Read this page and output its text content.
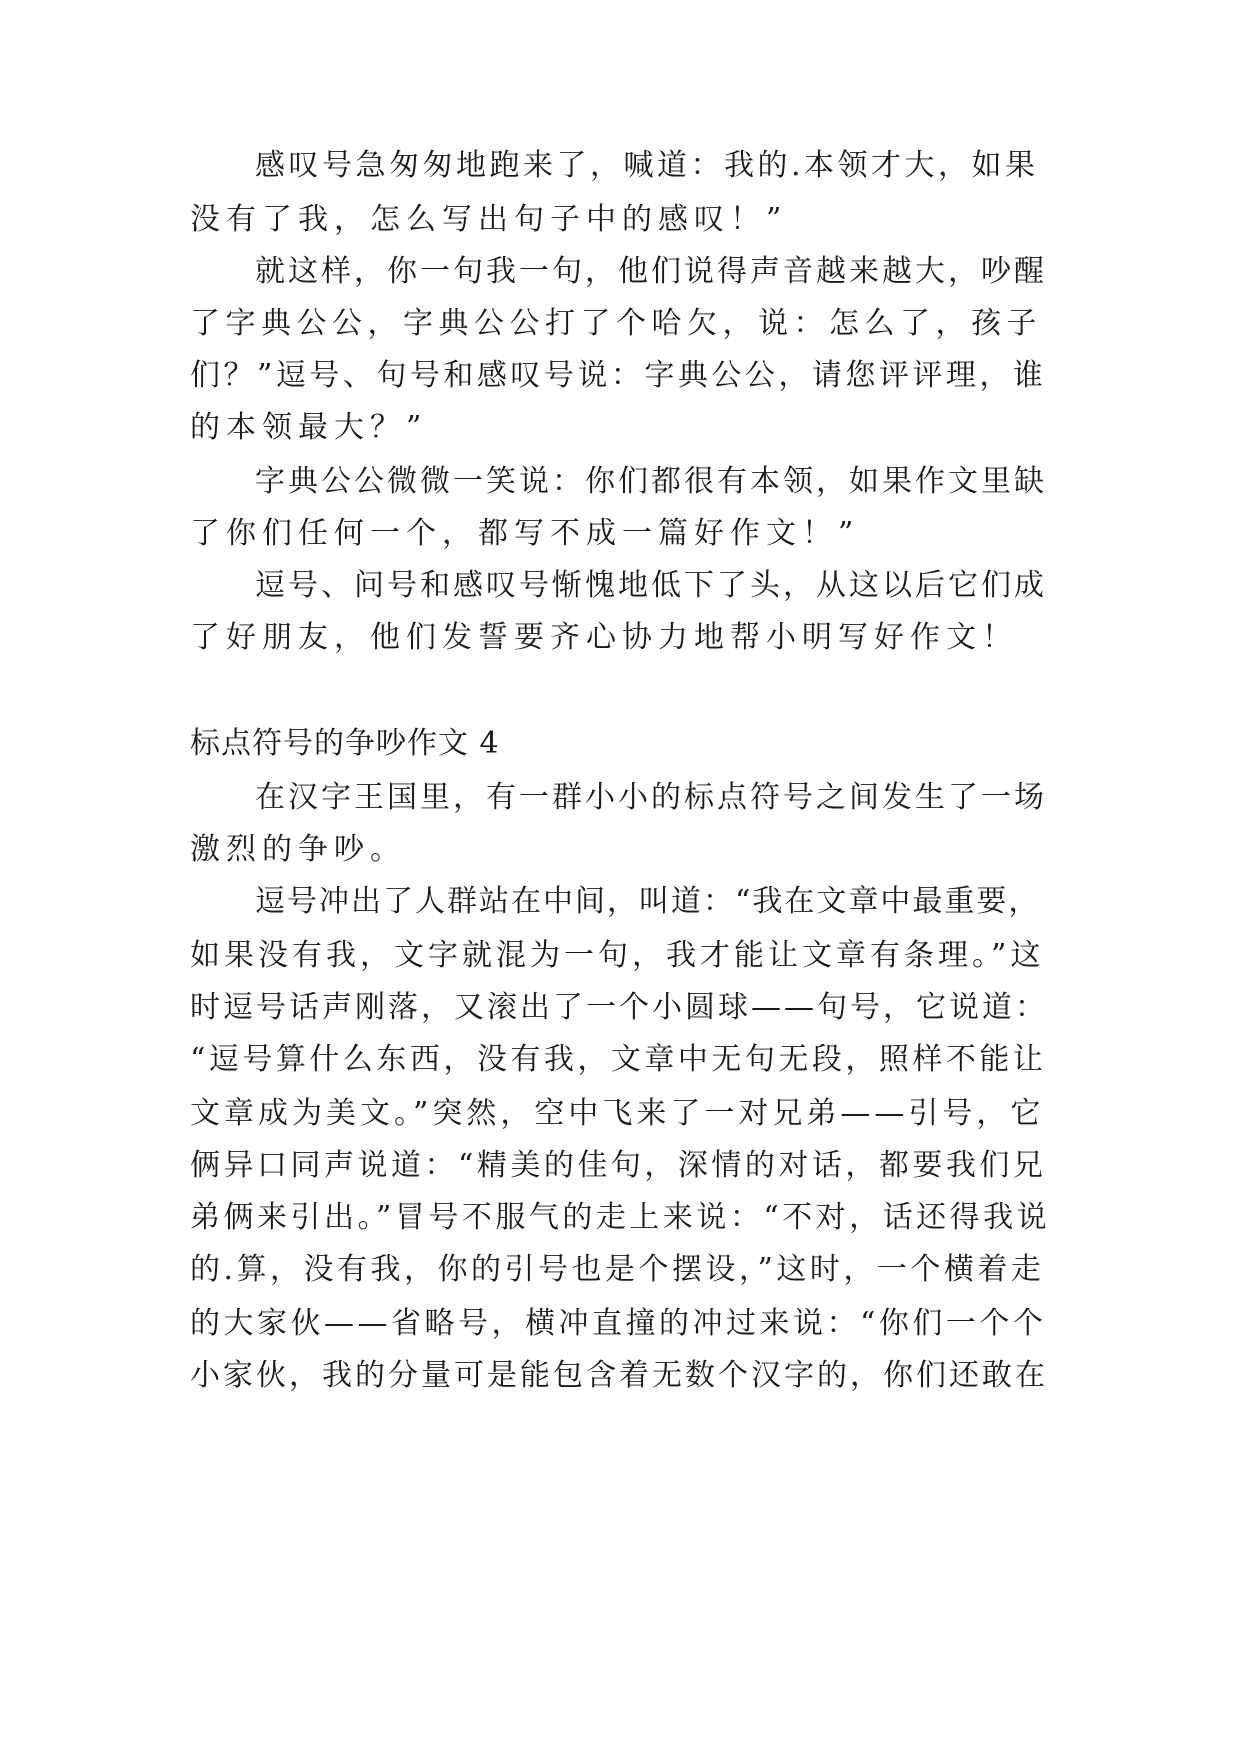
感叹号急匆匆地跑来了，喊道：我的.本领才大，如果
没有了我，怎么写出句子中的感叹！”
就这样，你一句我一句，他们说得声音越来越大，吵醒
了字典公公，字典公公打了个哈欠，说：怎么了，孩子
们？”逗号、句号和感叹号说：字典公公，请您评评理，谁
的本领最大？”
字典公公微微一笑说：你们都很有本领，如果作文里缺
了你们任何一个，都写不成一篇好作文！”
逗号、问号和感叹号惭愧地低下了头，从这以后它们成
了好朋友，他们发誓要齐心协力地帮小明写好作文！
标点符号的争吵作文 4
在汉字王国里，有一群小小的标点符号之间发生了一场
激烈的争吵。
逗号冲出了人群站在中间，叫道：“我在文章中最重要，
如果没有我，文字就混为一句，我才能让文章有条理。”这
时逗号话声刚落，又滚出了一个小圆球——句号，它说道：
“逗号算什么东西，没有我，文章中无句无段，照样不能让
文章成为美文。”突然，空中飞来了一对兄弟——引号，它
俩异口同声说道：“精美的佳句，深情的对话，都要我们兄
弟俩来引出。”冒号不服气的走上来说：“不对，话还得我说
的.算，没有我，你的引号也是个摆设，”这时，一个横着走
的大家伙——省略号，横冲直撞的冲过来说：“你们一个个
小家伙，我的分量可是能包含着无数个汉字的，你们还敢在
